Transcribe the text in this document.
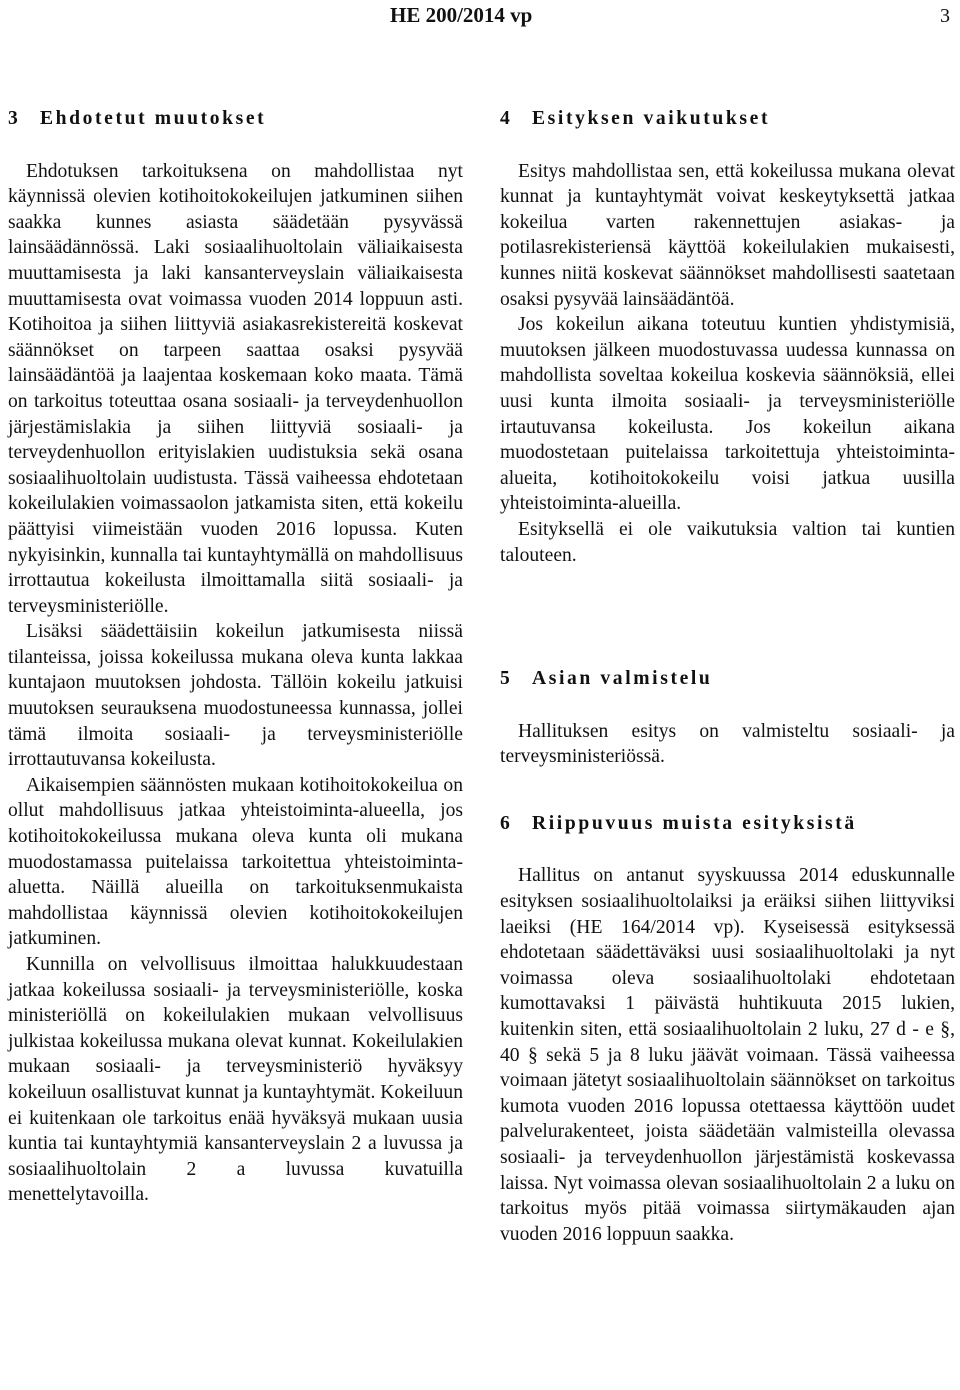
HE 200/2014 vp	3
3 Ehdotetut muutokset

Ehdotuksen tarkoituksena on mahdollistaa nyt käynnissä olevien kotihoitokokeilujen jatkuminen siihen saakka kunnes asiasta säädetään pysyvässä lainsäädännössä. Laki sosiaalihuoltolain väliaikaisesta muuttamisesta ja laki kansanterveyslain väliaikaisesta muuttamisesta ovat voimassa vuoden 2014 loppuun asti. Kotihoitoa ja siihen liittyviä asiakasrekistereitä koskevat säännökset on tarpeen saattaa osaksi pysyvää lainsäädäntöä ja laajentaa koskemaan koko maata. Tämä on tarkoitus toteuttaa osana sosiaali- ja terveydenhuollon järjestämislakia ja siihen liittyviä sosiaali- ja terveydenhuollon erityislakien uudistuksia sekä osana sosiaalihuoltolain uudistusta. Tässä vaiheessa ehdotetaan kokeilulakien voimassaolon jatkamista siten, että kokeilu päättyisi viimeistään vuoden 2016 lopussa. Kuten nykyisinkin, kunnalla tai kuntayhtymällä on mahdollisuus irrottautua kokeilusta ilmoittamalla siitä sosiaali- ja terveysministeriölle.

Lisäksi säädettäisiin kokeilun jatkumisesta niissä tilanteissa, joissa kokeilussa mukana oleva kunta lakkaa kuntajaon muutoksen johdosta. Tällöin kokeilu jatkuisi muutoksen seurauksena muodostuneessa kunnassa, jollei tämä ilmoita sosiaali- ja terveysministeriölle irrottautuvansa kokeilusta.

Aikaisempien säännösten mukaan kotihoitokokeilua on ollut mahdollisuus jatkaa yhteistoiminta-alueella, jos kotihoitokokeilussa mukana oleva kunta oli mukana muodostamassa puitelaissa tarkoitettua yhteistoiminta-aluetta. Näillä alueilla on tarkoituksenmukaista mahdollistaa käynnissä olevien kotihoitokokeilujen jatkuminen.

Kunnilla on velvollisuus ilmoittaa halukkuudestaan jatkaa kokeilussa sosiaali- ja terveysministeriölle, koska ministeriöllä on kokeilulakien mukaan velvollisuus julkistaa kokeilussa mukana olevat kunnat. Kokeilulakien mukaan sosiaali- ja terveysministeriö hyväksyy kokeiluun osallistuvat kunnat ja kuntayhtymät. Kokeiluun ei kuitenkaan ole tarkoitus enää hyväksyä mukaan uusia kuntia tai kuntayhtymiä kansanterveyslain 2 a luvussa ja sosiaalihuoltolain 2 a luvussa kuvatuilla menettelytavoilla.

4 Esityksen vaikutukset

Esitys mahdollistaa sen, että kokeilussa mukana olevat kunnat ja kuntayhtymät voivat keskeytyksettä jatkaa kokeilua varten rakennettujen asiakas- ja potilasrekisteriensä käyttöä kokeilulakien mukaisesti, kunnes niitä koskevat säännökset mahdollisesti saatetaan osaksi pysyvää lainsäädäntöä.

Jos kokeilun aikana toteutuu kuntien yhdistymisiä, muutoksen jälkeen muodostuvassa uudessa kunnassa on mahdollista soveltaa kokeilua koskevia säännöksiä, ellei uusi kunta ilmoita sosiaali- ja terveysministeriölle irtautuvansa kokeilusta. Jos kokeilun aikana muodostetaan puitelaissa tarkoitettuja yhteistoiminta-alueita, kotihoitokokeilu voisi jatkua uusilla yhteistoiminta-alueilla.

Esityksellä ei ole vaikutuksia valtion tai kuntien talouteen.

5 Asian valmistelu

Hallituksen esitys on valmisteltu sosiaali- ja terveysministeriössä.

6 Riippuvuus muista esityksistä

Hallitus on antanut syyskuussa 2014 eduskunnalle esityksen sosiaalihuoltolaiksi ja eräiksi siihen liittyviksi laeiksi (HE 164/2014 vp). Kyseisessä esityksessä ehdotetaan säädettäväksi uusi sosiaalihuoltolaki ja nyt voimassa oleva sosiaalihuoltolaki ehdotetaan kumottavaksi 1 päivästä huhtikuuta 2015 lukien, kuitenkin siten, että sosiaalihuoltolain 2 luku, 27 d - e §, 40 § sekä 5 ja 8 luku jäävät voimaan. Tässä vaiheessa voimaan jätetyt sosiaalihuoltolain säännökset on tarkoitus kumota vuoden 2016 lopussa otettaessa käyttöön uudet palvelurakenteet, joista säädetään valmisteilla olevassa sosiaali- ja terveydenhuollon järjestämistä koskevassa laissa. Nyt voimassa olevan sosiaalihuoltolain 2 a luku on tarkoitus myös pitää voimassa siirtymäkauden ajan vuoden 2016 loppuun saakka.
